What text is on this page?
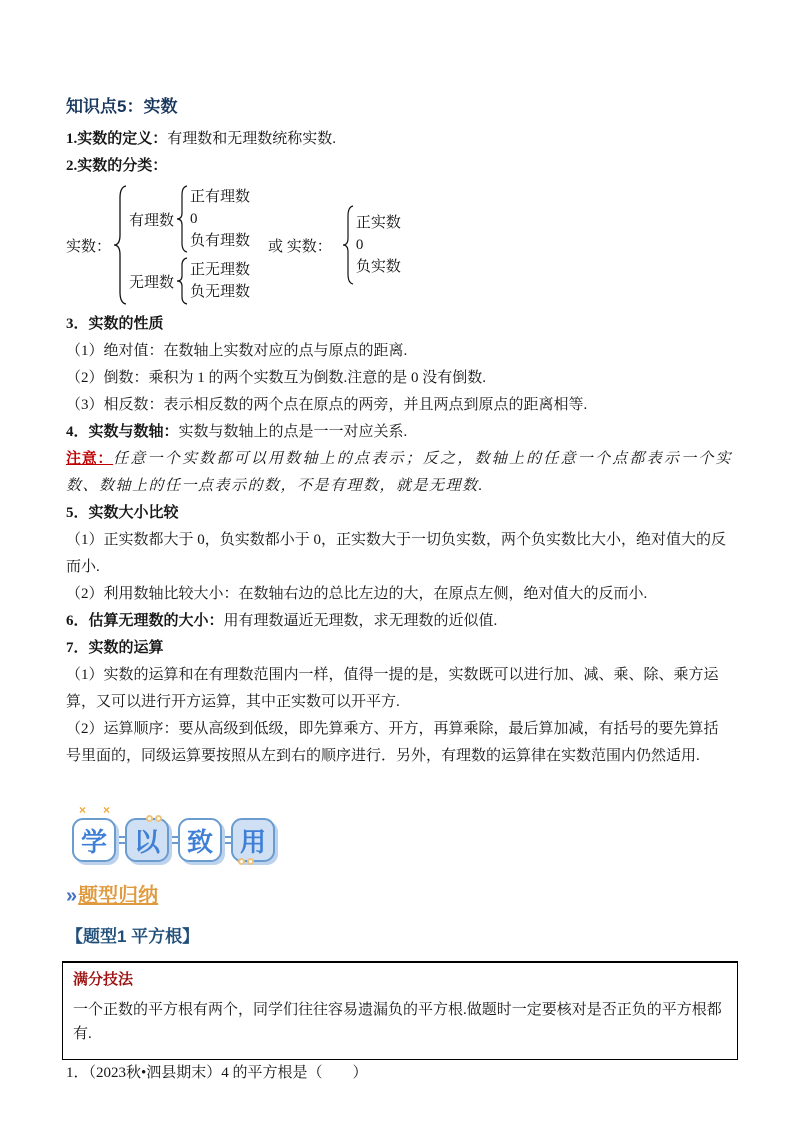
知识点5：实数

1.实数的定义：有理数和无理数统称实数.

2.实数的分类：

实数：
有理数
正有理数
0
负有理数
无理数
正无理数
负无理数
或 实数：
正实数
0
负实数

3．实数的性质

（1）绝对值：在数轴上实数对应的点与原点的距离.

（2）倒数：乘积为 1 的两个实数互为倒数.注意的是 0 没有倒数.

（3）相反数：表示相反数的两个点在原点的两旁，并且两点到原点的距离相等.

4．实数与数轴：实数与数轴上的点是一一对应关系.

注意：任意一个实数都可以用数轴上的点表示；反之，数轴上的任意一个点都表示一个实数、数轴上的任一点表示的数，不是有理数，就是无理数.

5．实数大小比较

（1）正实数都大于 0，负实数都小于 0，正实数大于一切负实数，两个负实数比大小，绝对值大的反而小.

（2）利用数轴比较大小：在数轴右边的总比左边的大，在原点左侧，绝对值大的反而小.

6．估算无理数的大小：用有理数逼近无理数，求无理数的近似值.

7．实数的运算

（1）实数的运算和在有理数范围内一样，值得一提的是，实数既可以进行加、减、乘、除、乘方运算，又可以进行开方运算，其中正实数可以开平方.

（2）运算顺序：要从高级到低级，即先算乘方、开方，再算乘除，最后算加减，有括号的要先算括号里面的，同级运算要按照从左到右的顺序进行．另外，有理数的运算律在实数范围内仍然适用.

× ×
学 以 致 用
»题型归纳
【题型1 平方根】

满分技法

一个正数的平方根有两个，同学们往往容易遗漏负的平方根.做题时一定要核对是否正负的平方根都有.

1．（2023秋•泗县期末）4 的平方根是（　　）
